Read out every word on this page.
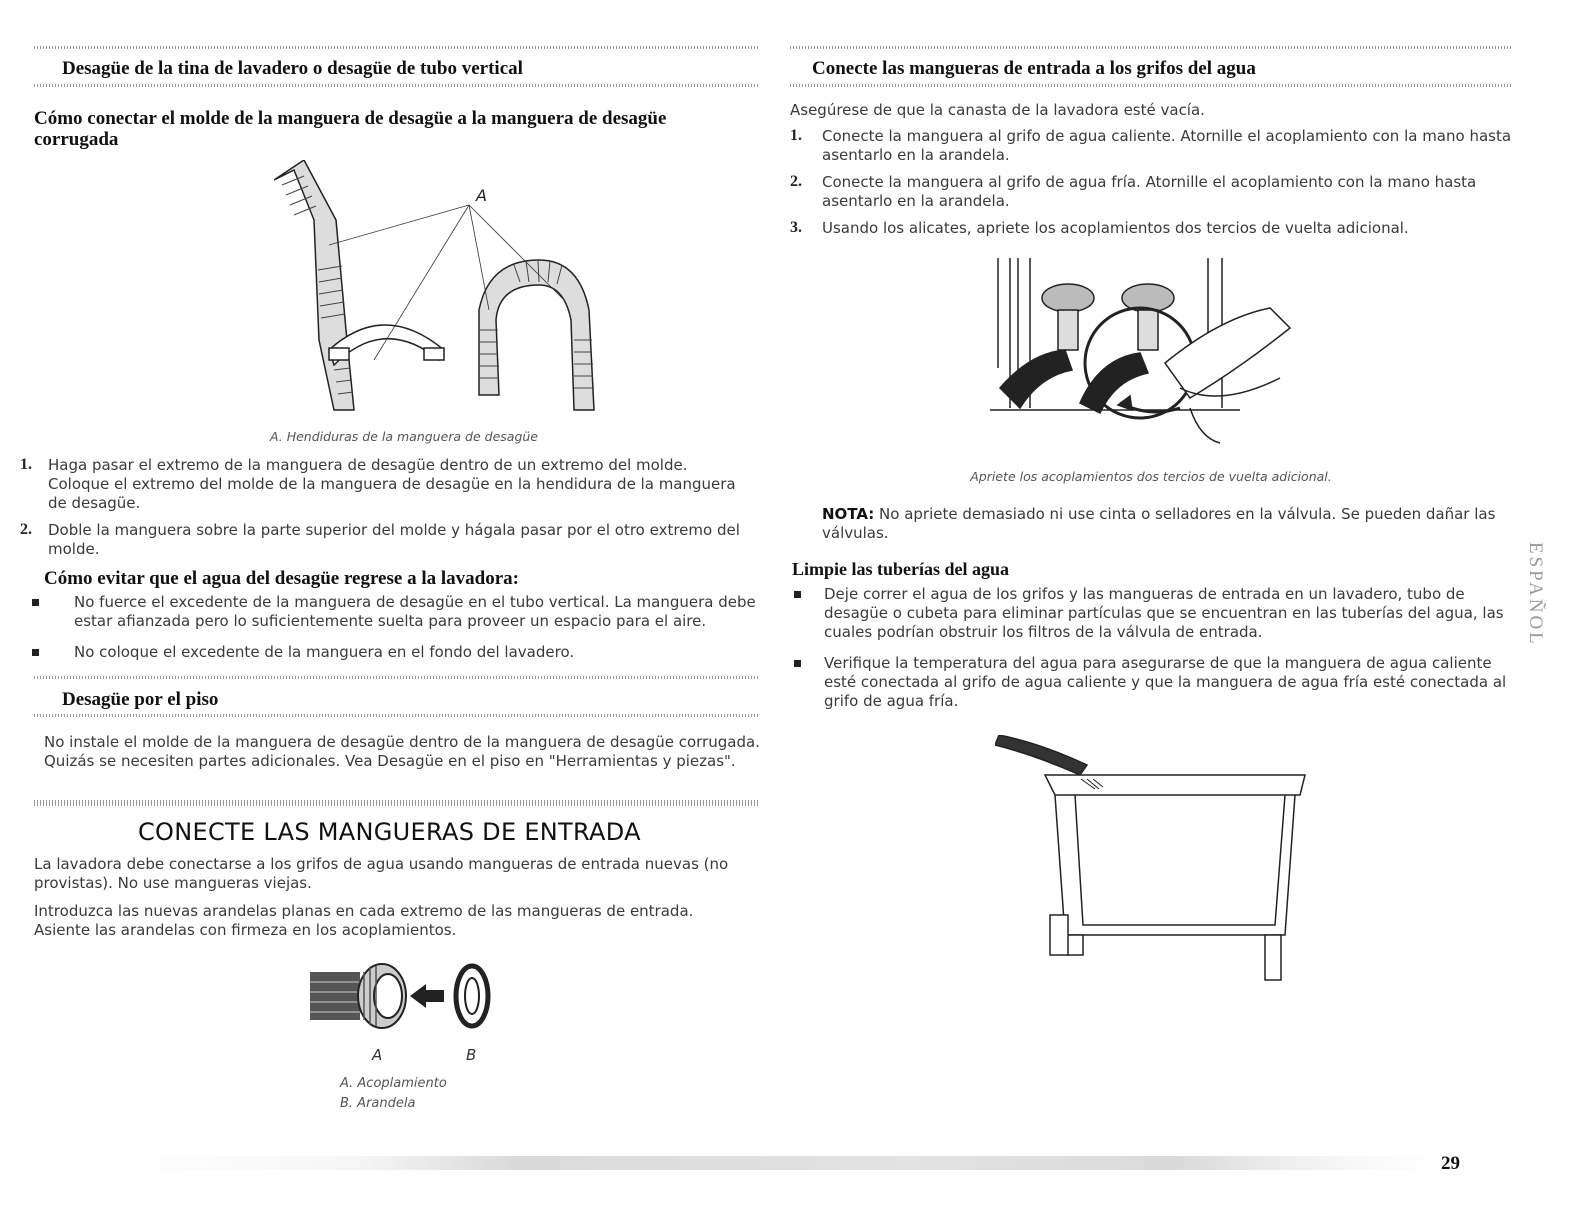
Desagüe de la tina de lavadero o desagüe de tubo vertical
Cómo conectar el molde de la manguera de desagüe a la manguera de desagüe corrugada
A
A. Hendiduras de la manguera de desagüe
1. Haga pasar el extremo de la manguera de desagüe dentro de un extremo del molde. Coloque el extremo del molde de la manguera de desagüe en la hendidura de la manguera de desagüe.
2. Doble la manguera sobre la parte superior del molde y hágala pasar por el otro extremo del molde.
Cómo evitar que el agua del desagüe regrese a la lavadora:
No fuerce el excedente de la manguera de desagüe en el tubo vertical. La manguera debe estar afianzada pero lo suficientemente suelta para proveer un espacio para el aire.
No coloque el excedente de la manguera en el fondo del lavadero.
Desagüe por el piso
No instale el molde de la manguera de desagüe dentro de la manguera de desagüe corrugada. Quizás se necesiten partes adicionales. Vea Desagüe en el piso en "Herramientas y piezas".
CONECTE LAS MANGUERAS DE ENTRADA
La lavadora debe conectarse a los grifos de agua usando mangueras de entrada nuevas (no provistas). No use mangueras viejas.
Introduzca las nuevas arandelas planas en cada extremo de las mangueras de entrada. Asiente las arandelas con firmeza en los acoplamientos.
A	B
A. Acoplamiento
B. Arandela
Conecte las mangueras de entrada a los grifos del agua
Asegúrese de que la canasta de la lavadora esté vacía.
1. Conecte la manguera al grifo de agua caliente. Atornille el acoplamiento con la mano hasta asentarlo en la arandela.
2. Conecte la manguera al grifo de agua fría. Atornille el acoplamiento con la mano hasta asentarlo en la arandela.
3. Usando los alicates, apriete los acoplamientos dos tercios de vuelta adicional.
Apriete los acoplamientos dos tercios de vuelta adicional.
NOTA: No apriete demasiado ni use cinta o selladores en la válvula. Se pueden dañar las válvulas.
Limpie las tuberías del agua
Deje correr el agua de los grifos y las mangueras de entrada en un lavadero, tubo de desagüe o cubeta para eliminar partículas que se encuentran en las tuberías del agua, las cuales podrían obstruir los filtros de la válvula de entrada.
Verifique la temperatura del agua para asegurarse de que la manguera de agua caliente esté conectada al grifo de agua caliente y que la manguera de agua fría esté conectada al grifo de agua fría.
ESPAÑOL
29
